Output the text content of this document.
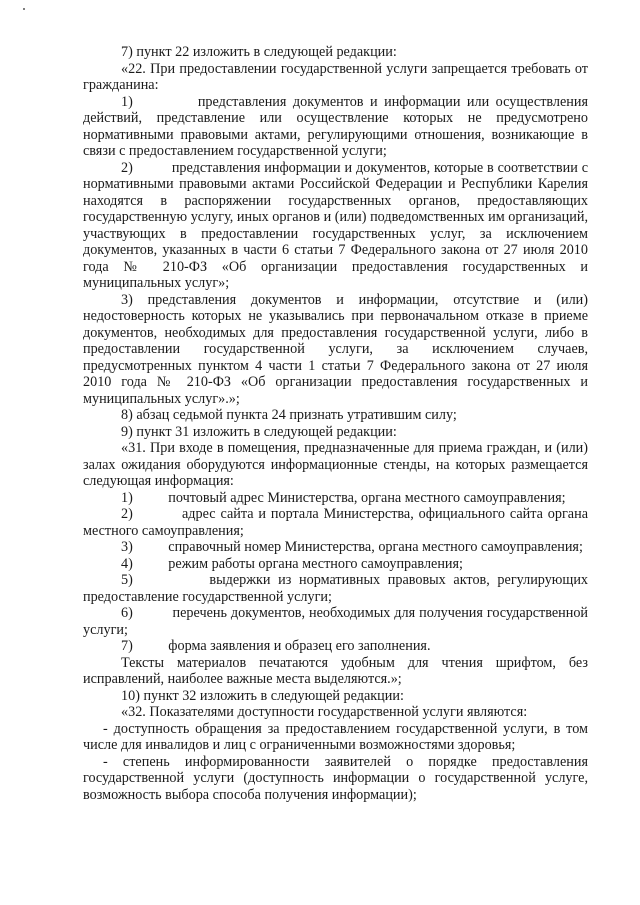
7) пункт 22 изложить в следующей редакции:

«22. При предоставлении государственной услуги запрещается требовать от гражданина:

1)	представления документов и информации или осуществления действий, представление или осуществление которых не предусмотрено нормативными правовыми актами, регулирующими отношения, возникающие в связи с предоставлением государственной услуги;

2)	представления информации и документов, которые в соответствии с нормативными правовыми актами Российской Федерации и Республики Карелия находятся в распоряжении государственных органов, предоставляющих государственную услугу, иных органов и (или) подведомственных им организаций, участвующих в предоставлении государственных услуг, за исключением документов, указанных в части 6 статьи 7 Федерального закона от 27 июля 2010 года № 210-ФЗ «Об организации предоставления государственных и муниципальных услуг»;

3) представления документов и информации, отсутствие и (или) недостоверность которых не указывались при первоначальном отказе в приеме документов, необходимых для предоставления государственной услуги, либо в предоставлении государственной услуги, за исключением случаев, предусмотренных пунктом 4 части 1 статьи 7 Федерального закона от 27 июля 2010 года № 210-ФЗ «Об организации предоставления государственных и муниципальных услуг».»;

8) абзац седьмой пункта 24 признать утратившим силу;

9) пункт 31 изложить в следующей редакции:

«31. При входе в помещения, предназначенные для приема граждан, и (или) залах ожидания оборудуются информационные стенды, на которых размещается следующая информация:

1) почтовый адрес Министерства, органа местного самоуправления;

2)	адрес сайта и портала Министерства, официального сайта органа местного самоуправления;

3) справочный номер Министерства, органа местного самоуправления;

4) режим работы органа местного самоуправления;

5)	выдержки из нормативных правовых актов, регулирующих предоставление государственной услуги;

6)	перечень документов, необходимых для получения государственной услуги;

7) форма заявления и образец его заполнения.

Тексты материалов печатаются удобным для чтения шрифтом, без исправлений, наиболее важные места выделяются.»;

10) пункт 32 изложить в следующей редакции:

«32. Показателями доступности государственной услуги являются:

- доступность обращения за предоставлением государственной услуги, в том числе для инвалидов и лиц с ограниченными возможностями здоровья;

- степень информированности заявителей о порядке предоставления государственной услуги (доступность информации о государственной услуге, возможность выбора способа получения информации);
